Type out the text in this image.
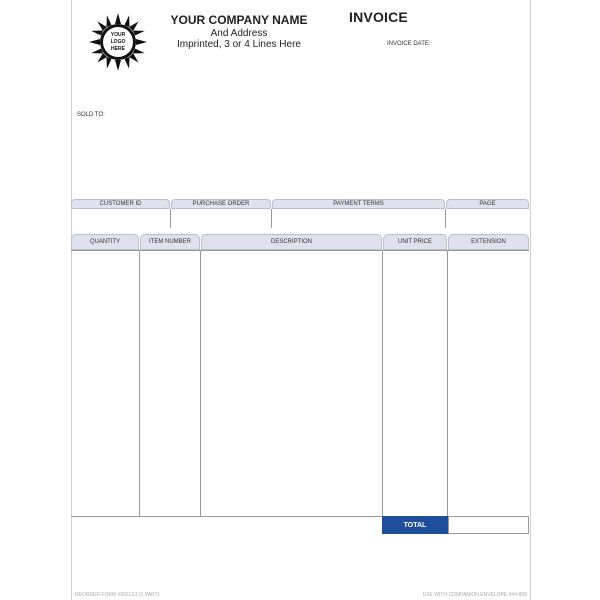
YOUR
LOGO
HERE
YOUR COMPANY NAME
And Address
Imprinted, 3 or 4 Lines Here
INVOICE
INVOICE DATE:
SOLD TO:
CUSTOMER ID	PURCHASE ORDER	PAYMENT TERMS	PAGE
QUANTITY	ITEM NUMBER	DESCRIPTION	UNIT PRICE	EXTENSION
TOTAL
REORDER FORM #302LS1 (1 PART)	USE WITH COMPANION ENVELOPE #44-808
